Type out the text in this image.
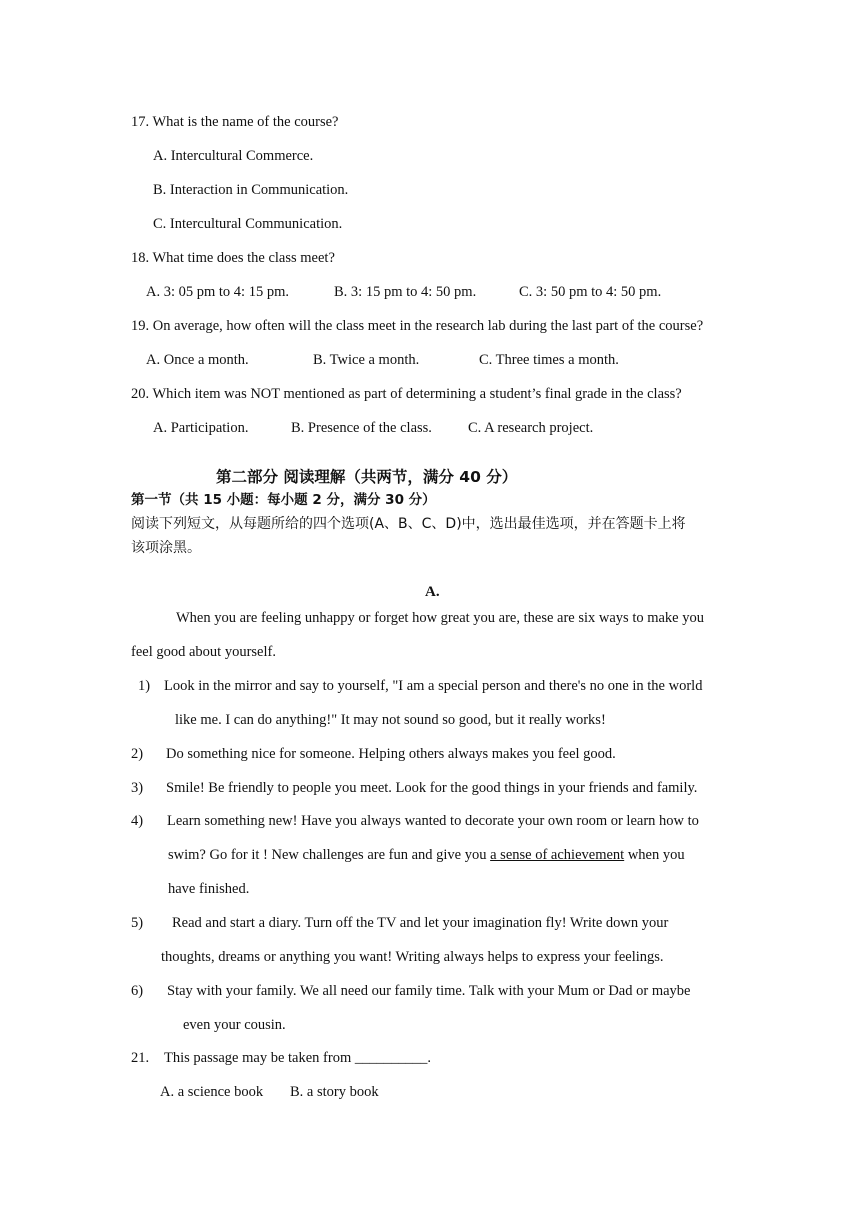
17. What is the name of the course?
A. Intercultural Commerce.
B. Interaction in Communication.
C. Intercultural Communication.
18. What time does the class meet?
A. 3: 05 pm to 4: 15 pm.	B. 3: 15 pm to 4: 50 pm.	C. 3: 50 pm to 4: 50 pm.
19. On average, how often will the class meet in the research lab during the last part of the course?
A. Once a month.	B. Twice a month.	C. Three times a month.
20. Which item was NOT mentioned as part of determining a student’s final grade in the class?
A. Participation.	B. Presence of the class. C. A research project.
第二部分 阅读理解（共两节，满分 40 分）
第一节（共 15 小题：每小题 2 分，满分 30 分）
阅读下列短文，从每题所给的四个选项(A、B、C、D)中，选出最佳选项，并在答题卡上将
该项涂黑。
A.
When you are feeling unhappy or forget how great you are, these are six ways to make you
feel good about yourself.
1) Look in the mirror and say to yourself, "I am a special person and there's no one in the world
like me. I can do anything!" It may not sound so good, but it really works!
2) Do something nice for someone. Helping others always makes you feel good.
3) Smile! Be friendly to people you meet. Look for the good things in your friends and family.
4) Learn something new! Have you always wanted to decorate your own room or learn how to
swim? Go for it ! New challenges are fun and give you a sense of achievement when you
have finished.
5) Read and start a diary. Turn off the TV and let your imagination fly! Write down your
thoughts, dreams or anything you want! Writing always helps to express your feelings.
6) Stay with your family. We all need our family time. Talk with your Mum or Dad or maybe
even your cousin.
21. This passage may be taken from __________.
A. a science book B. a story book
